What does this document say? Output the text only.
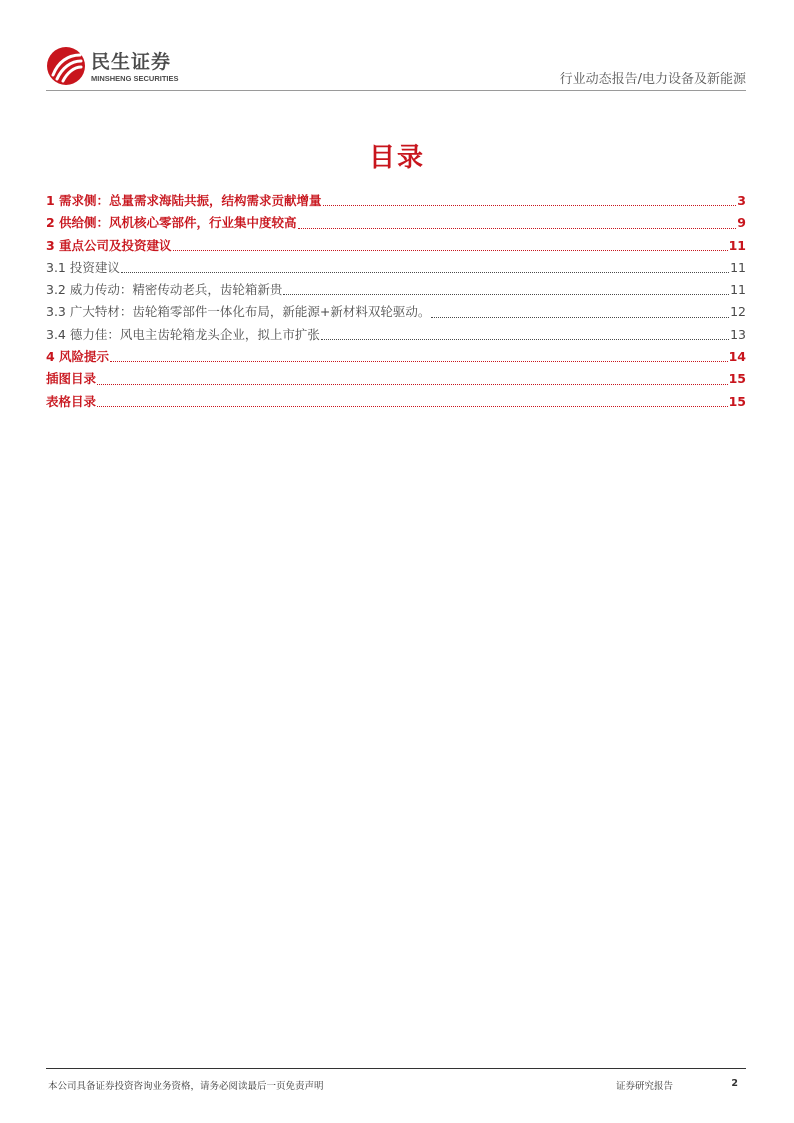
民生证券
MINSHENG SECURITIES	行业动态报告/电力设备及新能源
目录
1 需求侧：总量需求海陆共振，结构需求贡献增量	3
2 供给侧：风机核心零部件，行业集中度较高	9
3 重点公司及投资建议	11
3.1 投资建议	11
3.2 威力传动：精密传动老兵，齿轮箱新贵	11
3.3 广大特材：齿轮箱零部件一体化布局，新能源+新材料双轮驱动。	12
3.4 德力佳：风电主齿轮箱龙头企业，拟上市扩张	13
4 风险提示	14
插图目录	15
表格目录	15
本公司具备证券投资咨询业务资格，请务必阅读最后一页免责声明	证券研究报告	2
